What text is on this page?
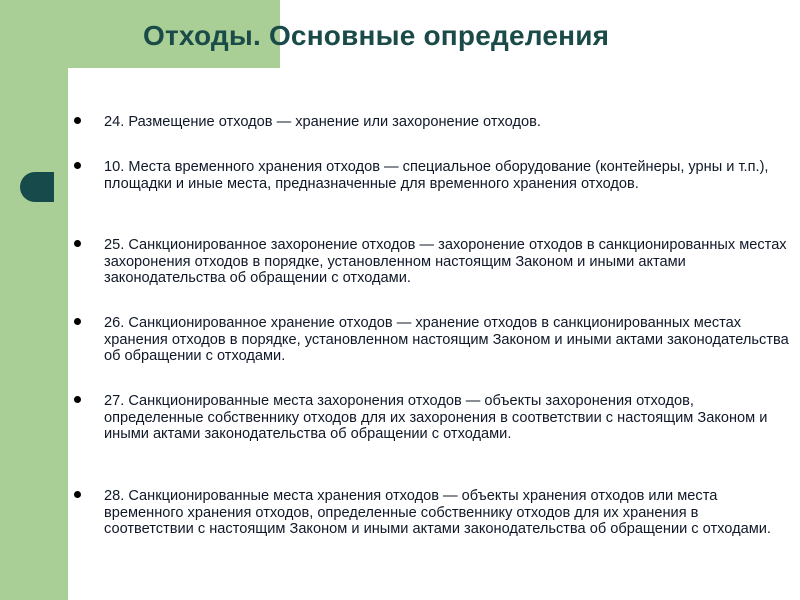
Отходы. Основные определения

24. Размещение отходов — хранение или захоронение отходов.

10. Места временного хранения отходов — специальное оборудование (контейнеры, урны и т.п.), площадки и иные места, предназначенные для временного хранения отходов.

25. Санкционированное захоронение отходов — захоронение отходов в санкционированных местах захоронения отходов в порядке, установленном настоящим Законом и иными актами законодательства об обращении с отходами.

26. Санкционированное хранение отходов — хранение отходов в санкционированных местах хранения отходов в порядке, установленном настоящим Законом и иными актами законодательства об обращении с отходами.

27. Санкционированные места захоронения отходов — объекты захоронения отходов, определенные собственнику отходов для их захоронения в соответствии с настоящим Законом и иными актами законодательства об обращении с отходами.

28. Санкционированные места хранения отходов — объекты хранения отходов или места временного хранения отходов, определенные собственнику отходов для их хранения в соответствии с настоящим Законом и иными актами законодательства об обращении с отходами.
